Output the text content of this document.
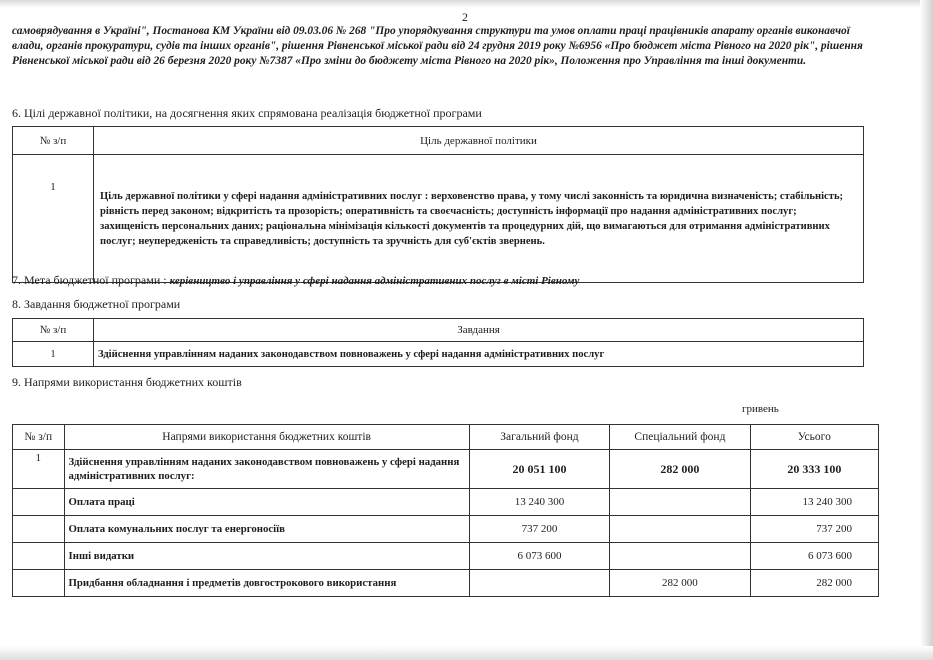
2
самоврядування в Україні", Постанова КМ України від 09.03.06 № 268 "Про упорядкування структури та умов оплати праці працівників апарату органів виконавчої влади, органів прокуратури, судів та інших органів", рішення Рівненської міської ради від 24 грудня 2019 року №6956 «Про бюджет міста Рівного на 2020 рік", рішення Рівненської міської ради від 26 березня 2020 року №7387 «Про зміни до бюджету міста Рівного на 2020 рік», Положення про Управління та інші документи.
6. Цілі державної політики, на досягнення яких спрямована реалізація бюджетної програми
№ з/п	Ціль державної політики
1	Ціль державної політики у сфері надання адміністративних послуг : верховенство права, у тому числі законність та юридична визначеність; стабільність; рівність перед законом; відкритість та прозорість; оперативність та своєчасність; доступність інформації про надання адміністративних послуг; захищеність персональних даних; раціональна мінімізація кількості документів та процедурних дій, що вимагаються для отримання адміністративних послуг; неупередженість та справедливість; доступність та зручність для суб'єктів звернень.
7. Мета бюджетної програми : керівництво і управління у сфері надання адміністративних послуг в місті Рівному
8. Завдання бюджетної програми
№ з/п	Завдання
1	Здійснення управлінням наданих законодавством повноважень у сфері надання адміністративних послуг
9. Напрями використання бюджетних коштів
гривень
№ з/п	Напрями використання бюджетних коштів	Загальний фонд	Спеціальний фонд	Усього
1	Здійснення управлінням наданих законодавством повноважень у сфері надання адміністративних послуг:	20 051 100	282 000	20 333 100
	Оплата праці	13 240 300		13 240 300
	Оплата комунальних послуг та енергоносіїв	737 200		737 200
	Інші видатки	6 073 600		6 073 600
	Придбання обладнання і предметів довгострокового використання		282 000	282 000
